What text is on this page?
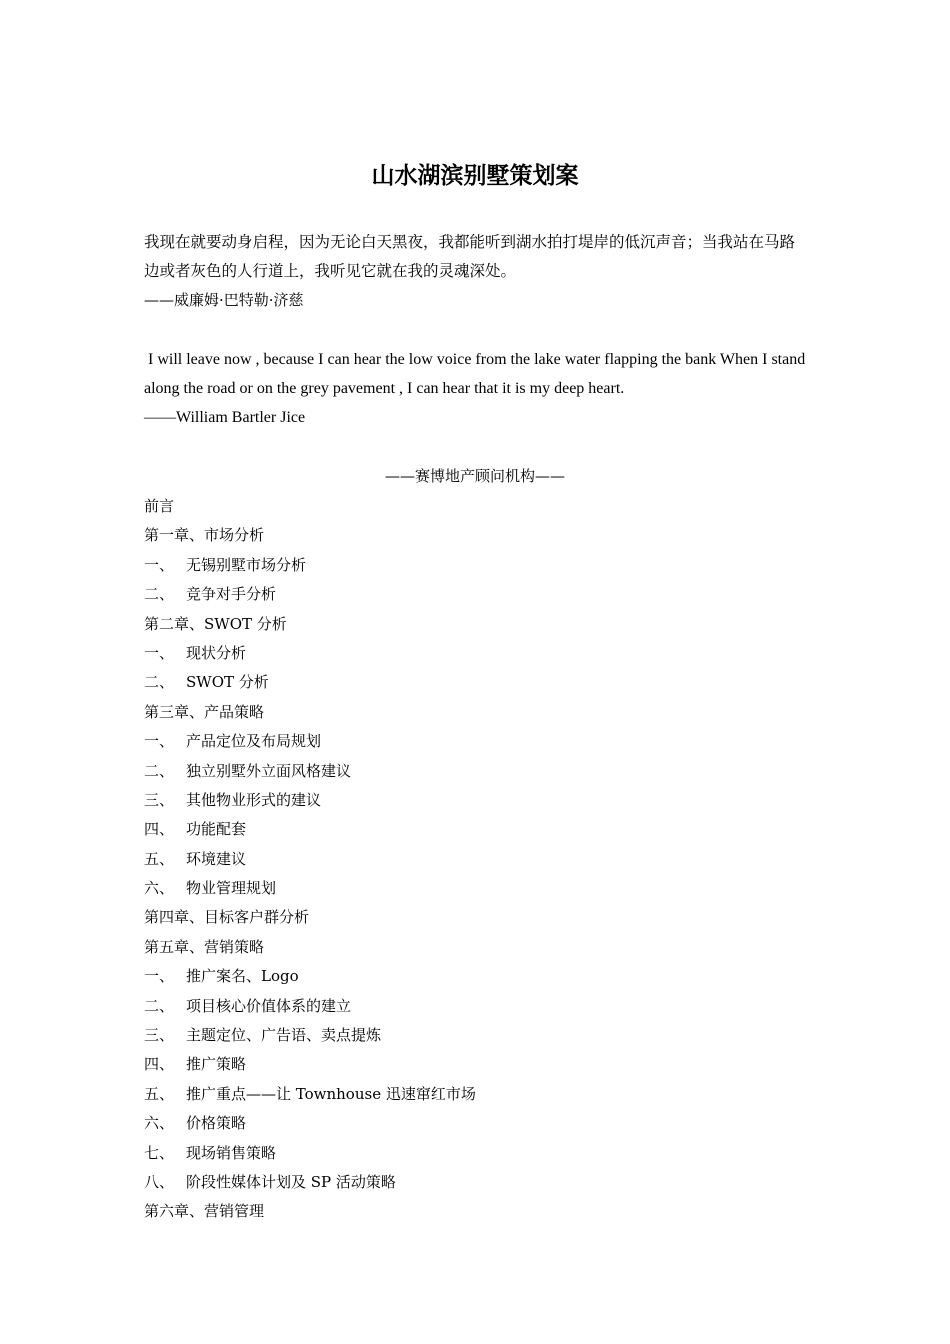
山水湖滨别墅策划案
我现在就要动身启程，因为无论白天黑夜，我都能听到湖水拍打堤岸的低沉声音；当我站在马路边或者灰色的人行道上，我听见它就在我的灵魂深处。
——威廉姆·巴特勒·济慈
I will leave now , because I can hear the low voice from the lake water flapping the bank When I stand along the road or on the grey pavement , I can hear that it is my deep heart.
——William Bartler Jice
——赛博地产顾问机构——
前言
第一章、市场分析
一、 无锡别墅市场分析
二、 竞争对手分析
第二章、SWOT 分析
一、 现状分析
二、 SWOT 分析
第三章、产品策略
一、 产品定位及布局规划
二、 独立别墅外立面风格建议
三、 其他物业形式的建议
四、 功能配套
五、 环境建议
六、 物业管理规划
第四章、目标客户群分析
第五章、营销策略
一、 推广案名、Logo
二、 项目核心价值体系的建立
三、 主题定位、广告语、卖点提炼
四、 推广策略
五、 推广重点——让 Townhouse 迅速窜红市场
六、 价格策略
七、 现场销售策略
八、 阶段性媒体计划及 SP 活动策略
第六章、营销管理
